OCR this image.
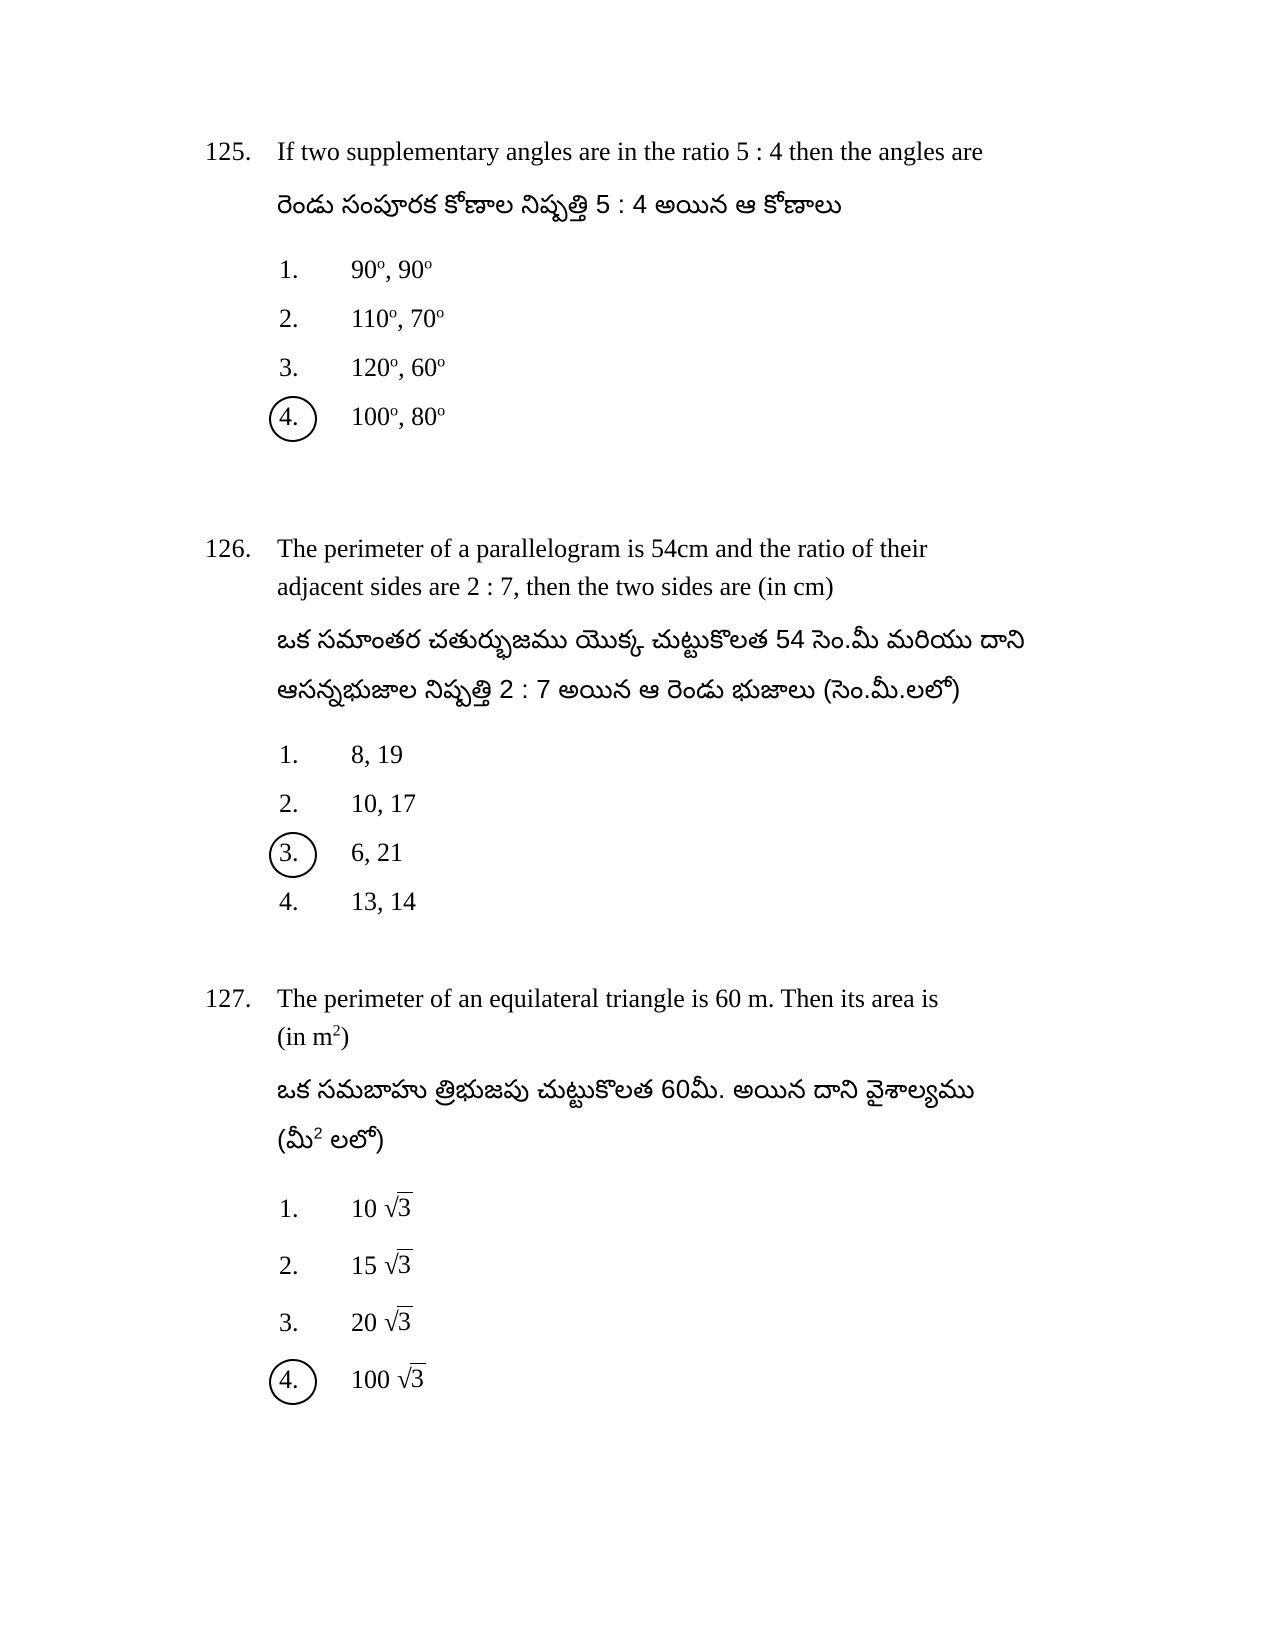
125. If two supplementary angles are in the ratio 5 : 4 then the angles are
రెండు సంపూరక కోణాల నిష్పత్తి 5 : 4 అయిన ఆ కోణాలు
1. 90$^o$, 90$^o$
2. 110$^o$, 70$^o$
3. 120$^o$, 60$^o$
4. 100$^o$, 80$^o$
126. The perimeter of a parallelogram is 54cm and the ratio of their
adjacent sides are 2 : 7, then the two sides are (in cm)
ఒక సమాంతర చతుర్భుజము యొక్క చుట్టుకొలత 54 సెం.మీ మరియు దాని
ఆసన్నభుజాల నిష్పత్తి 2 : 7 అయిన ఆ రెండు భుజాలు (సెం.మీ.లలో)
1. 8, 19
2. 10, 17
3. 6, 21
4. 13, 14
127. The perimeter of an equilateral triangle is 60 m. Then its area is
(in $m^2$)
ఒక సమబాహు త్రిభుజపు చుట్టుకొలత 60మీ. అయిన దాని వైశాల్యము
(మీ$^2$ లలో)
1. 10 √3
2. 15 √3
3. 20 √3
4. 100 √3
